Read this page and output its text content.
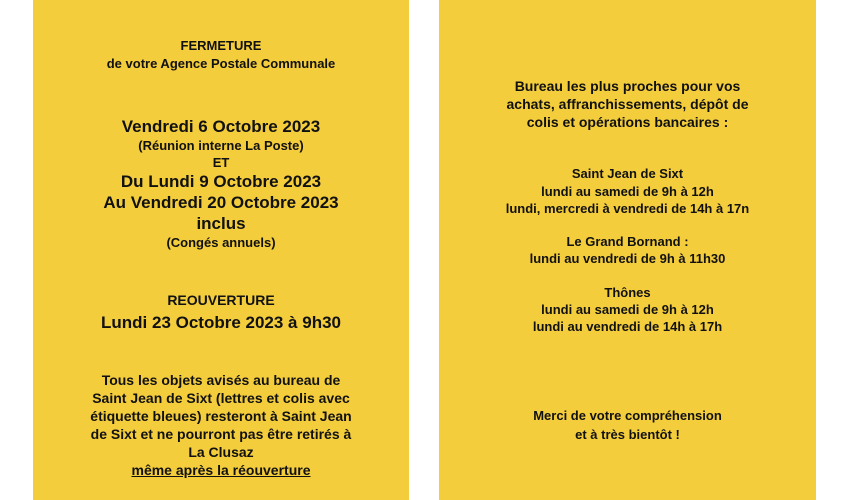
FERMETURE
de votre Agence Postale Communale
Vendredi 6 Octobre 2023
(Réunion interne La Poste)
ET
Du Lundi 9 Octobre 2023
Au Vendredi 20 Octobre 2023
inclus
(Congés annuels)
REOUVERTURE
Lundi 23 Octobre 2023 à 9h30
Tous les objets avisés au bureau de
Saint Jean de Sixt (lettres et colis avec
étiquette bleues) resteront à Saint Jean
de Sixt et ne pourront pas être retirés à
La Clusaz
même après la réouverture
Bureau les plus proches pour vos
achats, affranchissements, dépôt de
colis et opérations bancaires :
Saint Jean de Sixt
lundi au samedi de 9h à 12h
lundi, mercredi à vendredi de 14h à 17n
Le Grand Bornand :
lundi au vendredi de 9h à 11h30
Thônes
lundi au samedi de 9h à 12h
lundi au vendredi de 14h à 17h
Merci de votre compréhension
et à très bientôt !
